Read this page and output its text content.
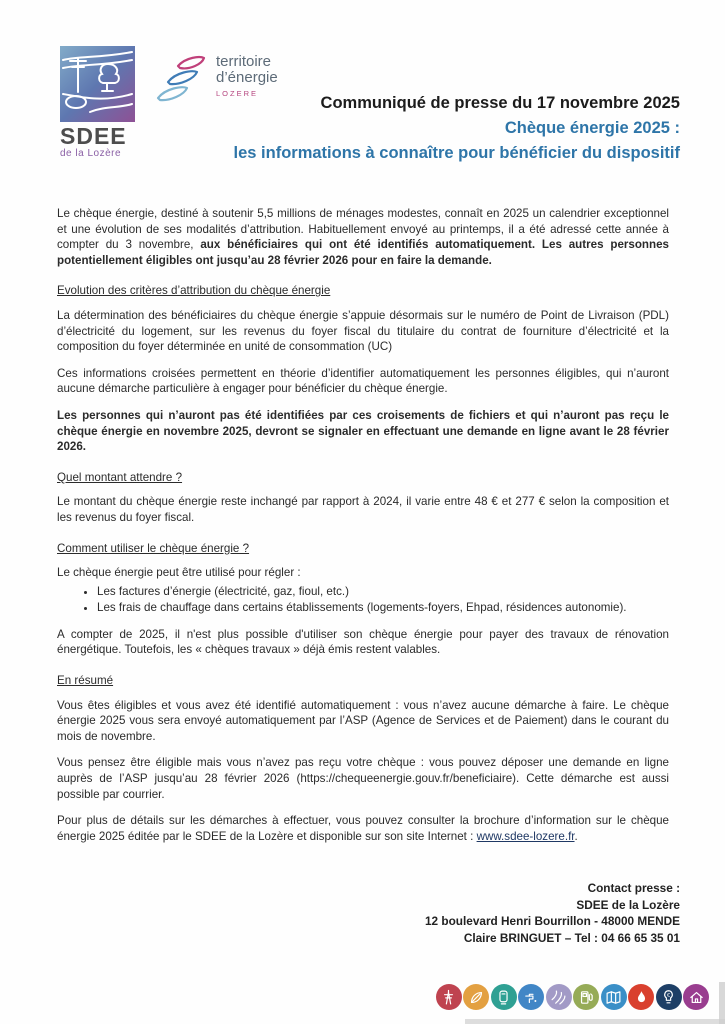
SDEE
de la Lozère
territoire
d’énergie
LOZERE
Communiqué de presse du 17 novembre 2025
Chèque énergie 2025 :
les informations à connaître pour bénéficier du dispositif

Le chèque énergie, destiné à soutenir 5,5 millions de ménages modestes, connaît en 2025 un calendrier exceptionnel et une évolution de ses modalités d’attribution. Habituellement envoyé au printemps, il a été adressé cette année à compter du 3 novembre, aux bénéficiaires qui ont été identifiés automatiquement. Les autres personnes potentiellement éligibles ont jusqu’au 28 février 2026 pour en faire la demande.

Evolution des critères d’attribution du chèque énergie

La détermination des bénéficiaires du chèque énergie s’appuie désormais sur le numéro de Point de Livraison (PDL) d’électricité du logement, sur les revenus du foyer fiscal du titulaire du contrat de fourniture d’électricité et la composition du foyer déterminée en unité de consommation (UC)

Ces informations croisées permettent en théorie d’identifier automatiquement les personnes éligibles, qui n’auront aucune démarche particulière à engager pour bénéficier du chèque énergie.

Les personnes qui n’auront pas été identifiées par ces croisements de fichiers et qui n’auront pas reçu le chèque énergie en novembre 2025, devront se signaler en effectuant une demande en ligne avant le 28 février 2026.

Quel montant attendre ?

Le montant du chèque énergie reste inchangé par rapport à 2024, il varie entre 48 € et 277 € selon la composition et les revenus du foyer fiscal.

Comment utiliser le chèque énergie ?

Le chèque énergie peut être utilisé pour régler :

• Les factures d’énergie (électricité, gaz, fioul, etc.)
• Les frais de chauffage dans certains établissements (logements-foyers, Ehpad, résidences autonomie).

A compter de 2025, il n'est plus possible d'utiliser son chèque énergie pour payer des travaux de rénovation énergétique. Toutefois, les « chèques travaux » déjà émis restent valables.

En résumé

Vous êtes éligibles et vous avez été identifié automatiquement : vous n’avez aucune démarche à faire. Le chèque énergie 2025 vous sera envoyé automatiquement par l’ASP (Agence de Services et de Paiement) dans le courant du mois de novembre.

Vous pensez être éligible mais vous n’avez pas reçu votre chèque : vous pouvez déposer une demande en ligne auprès de l’ASP jusqu’au 28 février 2026 (https://chequeenergie.gouv.fr/beneficiaire). Cette démarche est aussi possible par courrier.

Pour plus de détails sur les démarches à effectuer, vous pouvez consulter la brochure d’information sur le chèque énergie 2025 éditée par le SDEE de la Lozère et disponible sur son site Internet : www.sdee-lozere.fr.

Contact presse :
SDEE de la Lozère
12 boulevard Henri Bourrillon - 48000 MENDE
Claire BRINGUET – Tel : 04 66 65 35 01
€
